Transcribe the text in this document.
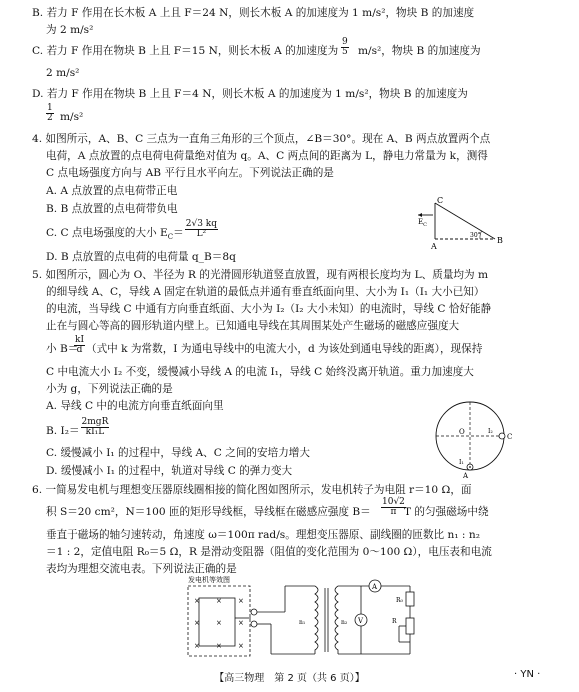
B. 若力 F 作用在长木板 A 上且 F＝24 N，则长木板 A 的加速度为 1 m/s²，物块 B 的加速度
为 2 m/s²
C. 若力 F 作用在物块 B 上且 F＝15 N，则长木板 A 的加速度为 $\frac{9}{5} m/s^2$，物块 B 的加速度为
2 m/s²
D. 若力 F 作用在物块 B 上且 F＝4 N，则长木板 A 的加速度为 1 m/s²，物块 B 的加速度为
$\frac{1}{2} m/s^2$
4. 如图所示，A、B、C 三点为一直角三角形的三个顶点，∠B＝30°。现在 A、B 两点放置两个点
电荷，A 点放置的点电荷电荷量绝对值为 q。A、C 两点间的距离为 L，静电力常量为 k，测得
C 点电场强度方向与 AB 平行且水平向左。下列说法正确的是
A. A 点放置的点电荷带正电
B. B 点放置的点电荷带负电
C. C 点电场强度的大小 $E_C= \frac{2√3 kq}{\text{L²}}$
D. B 点放置的点电荷的电荷量 q_B＝8q
5. 如图所示，圆心为 O、半径为 R 的光滑圆形轨道竖直放置，现有两根长度均为 L、质量均为 m
的细导线 A、C，导线 A 固定在轨道的最低点并通有垂直纸面向里、大小为 I₁（I₁ 大小已知）
的电流，当导线 C 中通有方向垂直纸面、大小为 I₂（I₂ 大小未知）的电流时，导线 C 恰好能静
止在与圆心等高的圆形轨道内壁上。已知通电导线在其周围某处产生磁场的磁感应强度大
小 B＝
$\frac{kI}{d}$ （式中 k 为常数，I 为通电导线中的电流大小，d 为该处到通电导线的距离），现保持
C 中电流大小 I₂ 不变，缓慢减小导线 A 的电流 I₁，导线 C 始终没离开轨道。重力加速度大
小为 g，下列说法正确的是
A. 导线 C 中的电流方向垂直纸面向里
B. $I_2= \frac{\text{2mgR}}{\text{kI₁L}}$
C. 缓慢减小 I₁ 的过程中，导线 A、C 之间的安培力增大
D. 缓慢减小 I₁ 的过程中，轨道对导线 C 的弹力变大
6. 一简易发电机与理想变压器原线圈相接的简化图如图所示，发电机转子为电阻 r＝10 Ω，面
积 S＝20 cm²，N＝100 匝的矩形导线框，导线框在磁感应强度 $B= \frac{10√2}{\pi}$
T 的匀强磁场中绕
垂直于磁场的轴匀速转动，角速度 ω＝100π rad/s。理想变压器原、副线圈的匝数比 n₁ : n₂
＝1 : 2，定值电阻 R₀＝5 Ω，R 是滑动变阻器（阻值的变化范围为 0～100 Ω），电压表和电流
表均为理想交流电表。下列说法正确的是
C
$E_C$
A
B
30°
O	I₂
C
I₁
A
发电机等效图
× × ×
× × ×
× × ×
n₁	n₂
A
V
R₀
R
【高三物理　第 2 页（共 6 页）】	· YN ·
